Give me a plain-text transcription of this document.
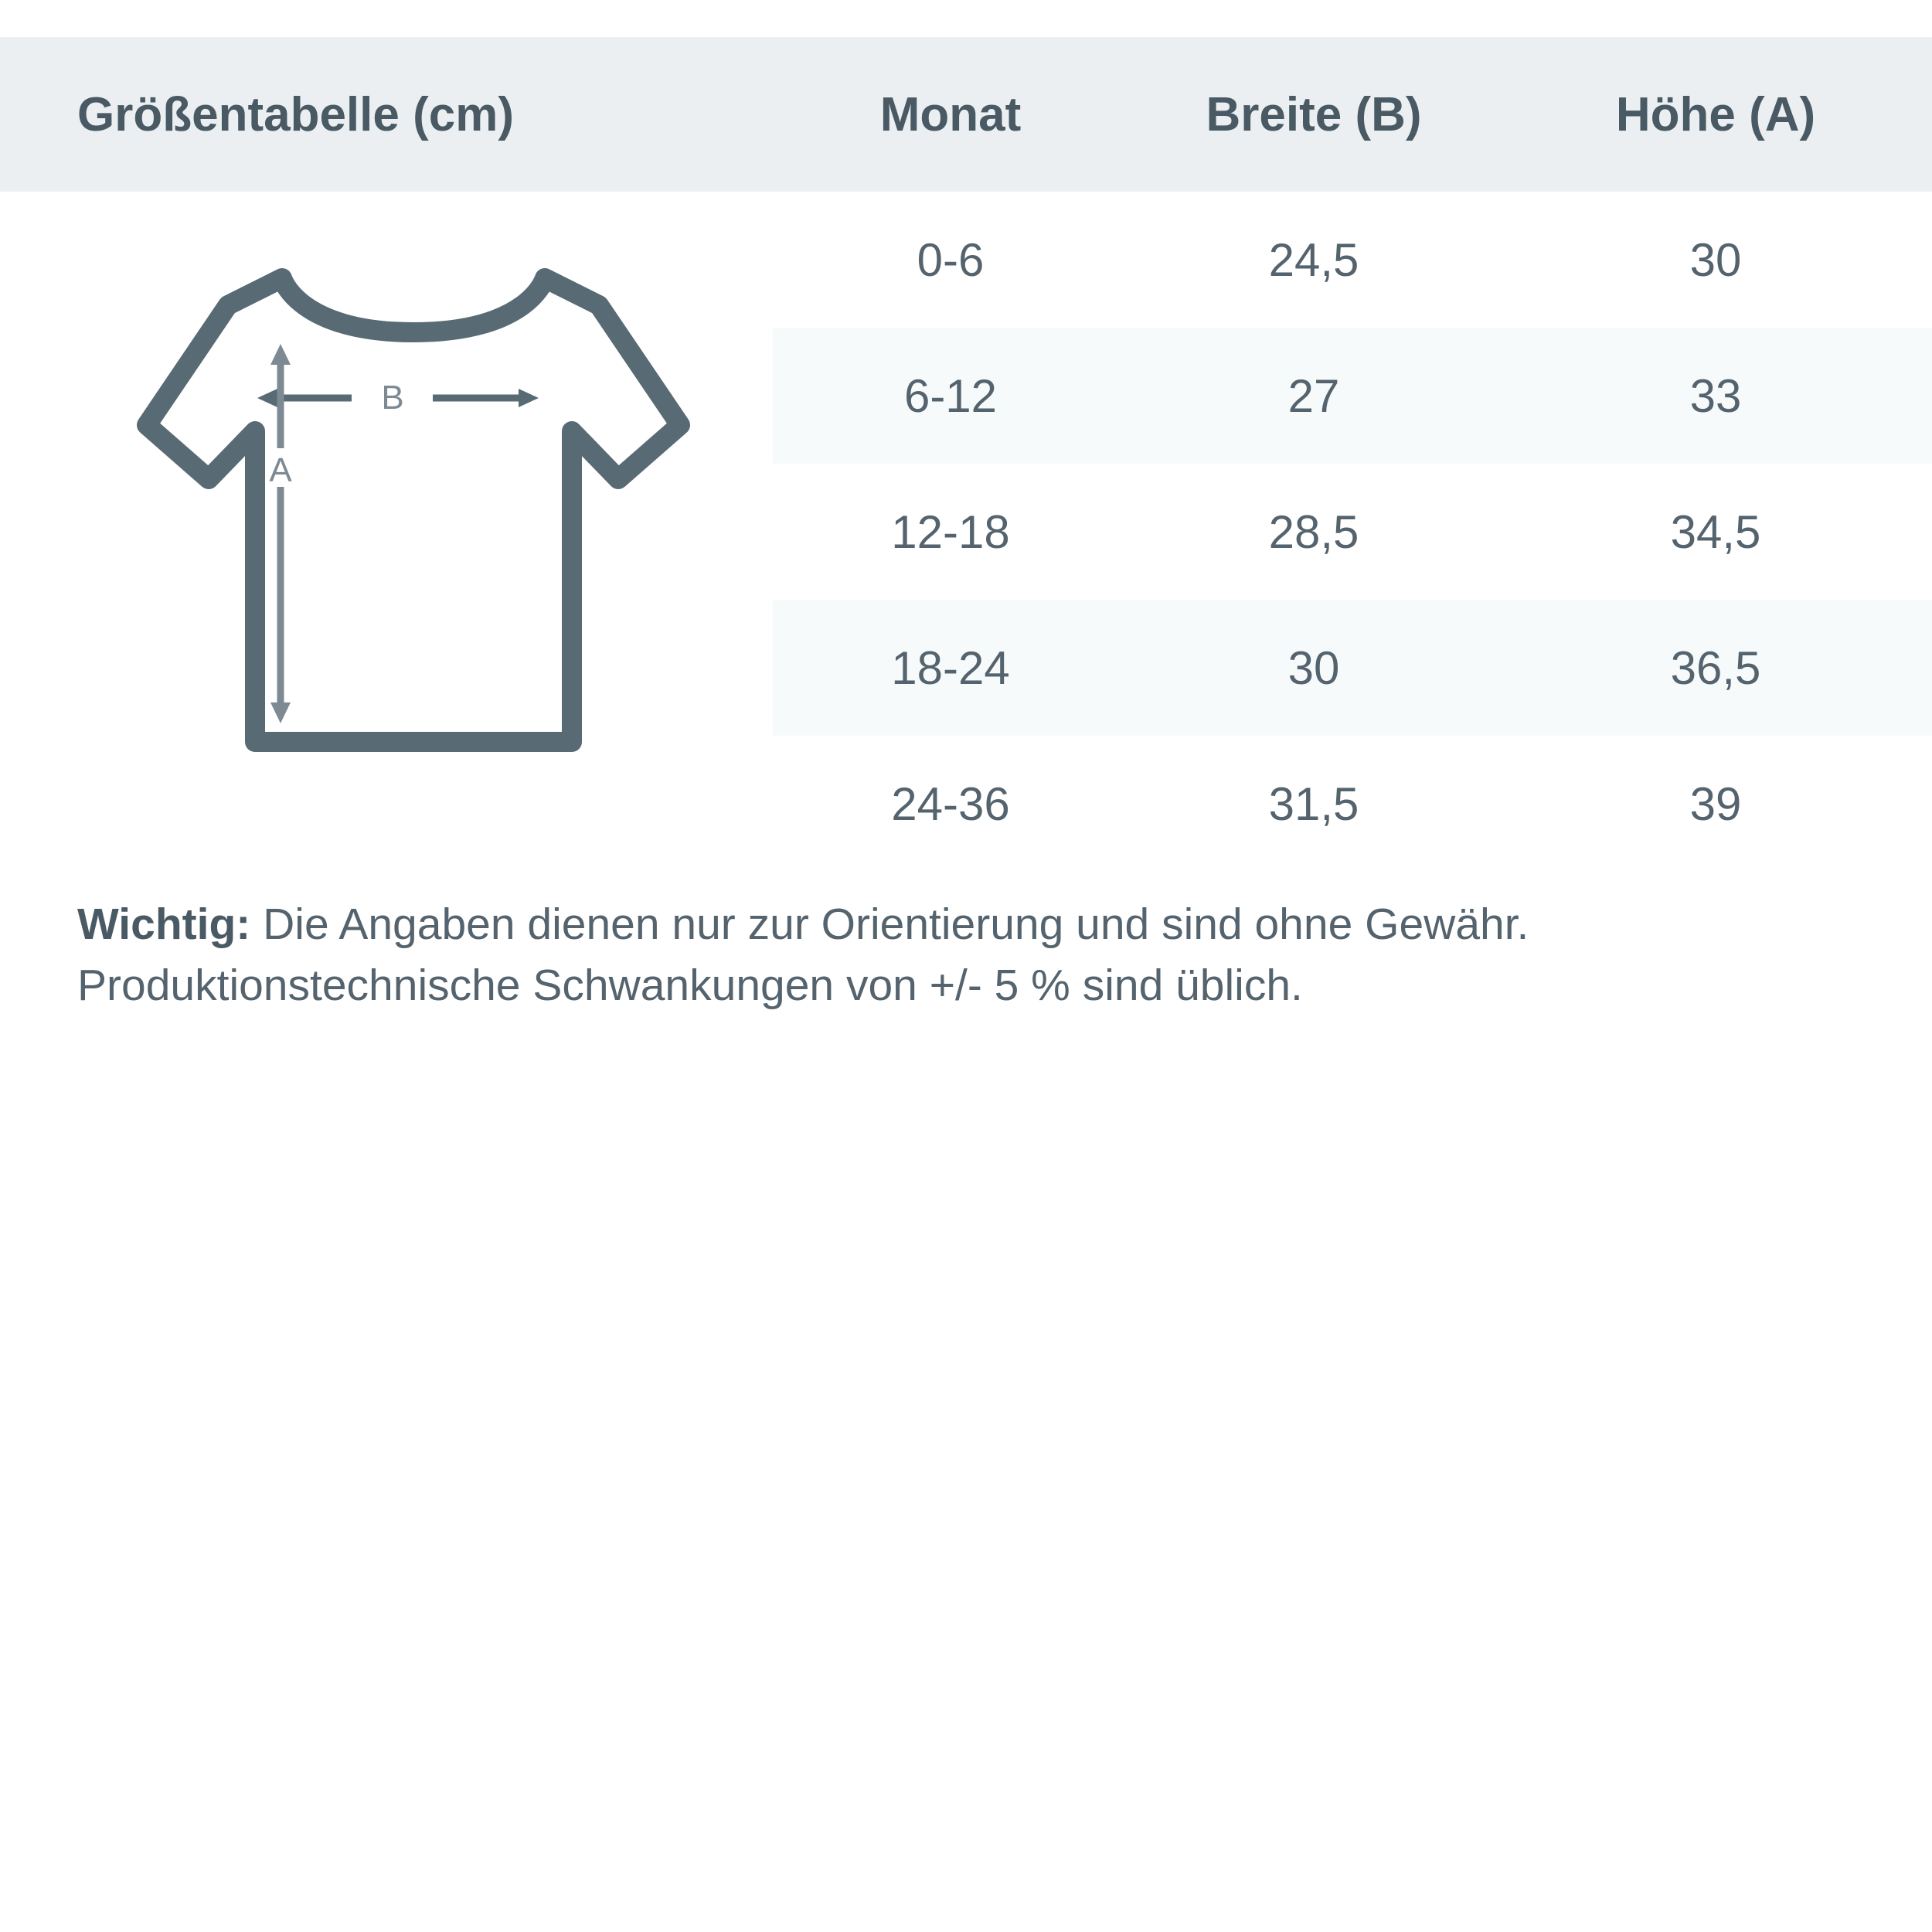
Größentabelle (cm)	Monat	Breite (B)	Höhe (A)
	0-6	24,5	30
	6-12	27	33
	12-18	28,5	34,5
	18-24	30	36,5
	24-36	31,5	39
B
A

Wichtig: Die Angaben dienen nur zur Orientierung und sind ohne Gewähr. Produktionstechnische Schwankungen von +/- 5 % sind üblich.
